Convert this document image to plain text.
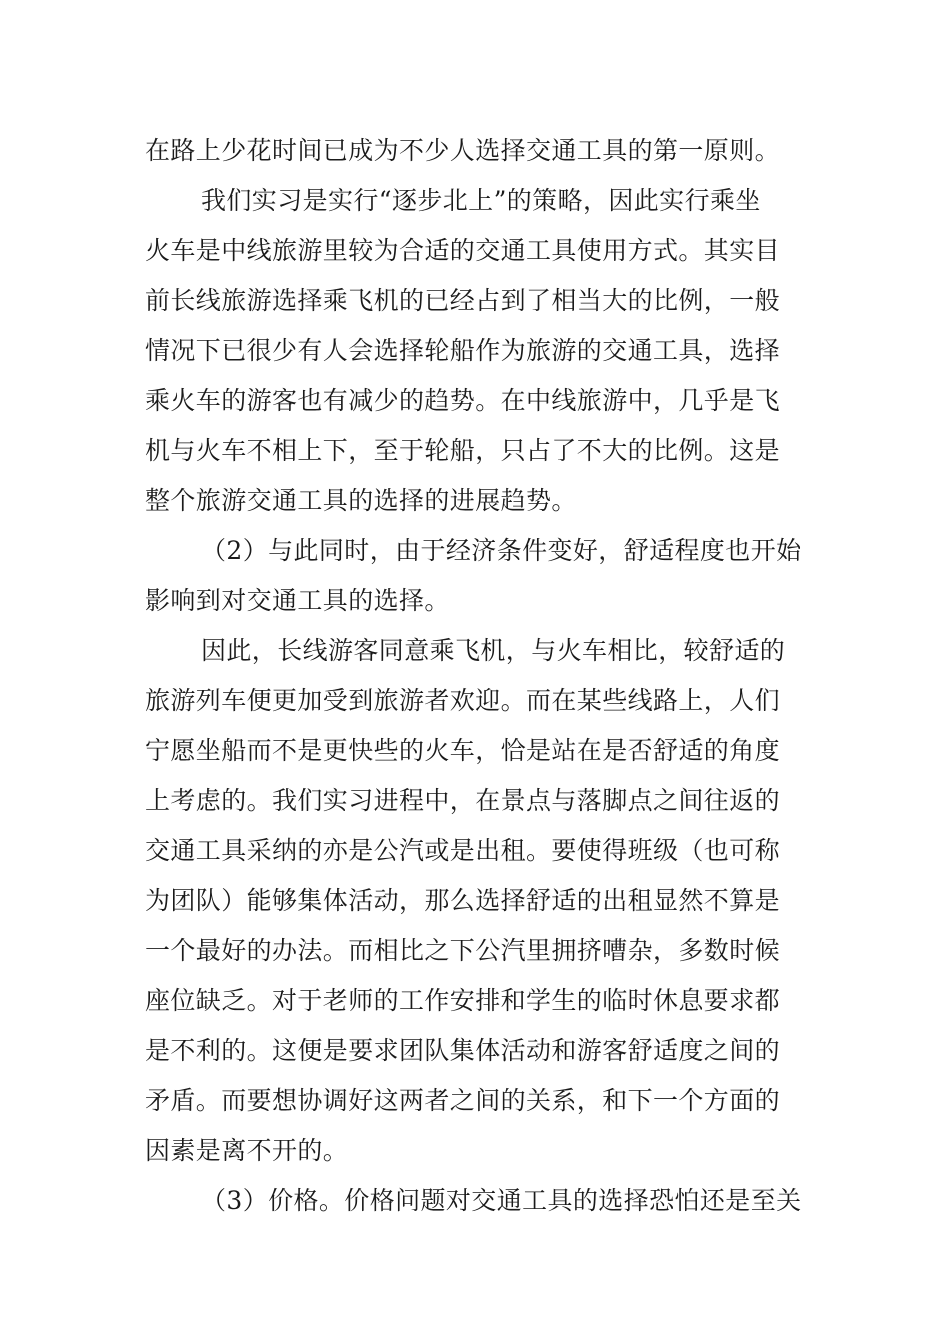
在路上少花时间已成为不少人选择交通工具的第一原则。
我们实习是实行“逐步北上”的策略，因此实行乘坐
火车是中线旅游里较为合适的交通工具使用方式。其实目
前长线旅游选择乘飞机的已经占到了相当大的比例，一般
情况下已很少有人会选择轮船作为旅游的交通工具，选择
乘火车的游客也有减少的趋势。在中线旅游中，几乎是飞
机与火车不相上下，至于轮船，只占了不大的比例。这是
整个旅游交通工具的选择的进展趋势。
（2）与此同时，由于经济条件变好，舒适程度也开始
影响到对交通工具的选择。
因此，长线游客同意乘飞机，与火车相比，较舒适的
旅游列车便更加受到旅游者欢迎。而在某些线路上，人们
宁愿坐船而不是更快些的火车，恰是站在是否舒适的角度
上考虑的。我们实习进程中，在景点与落脚点之间往返的
交通工具采纳的亦是公汽或是出租。要使得班级（也可称
为团队）能够集体活动，那么选择舒适的出租显然不算是
一个最好的办法。而相比之下公汽里拥挤嘈杂，多数时候
座位缺乏。对于老师的工作安排和学生的临时休息要求都
是不利的。这便是要求团队集体活动和游客舒适度之间的
矛盾。而要想协调好这两者之间的关系，和下一个方面的
因素是离不开的。
（3）价格。价格问题对交通工具的选择恐怕还是至关
